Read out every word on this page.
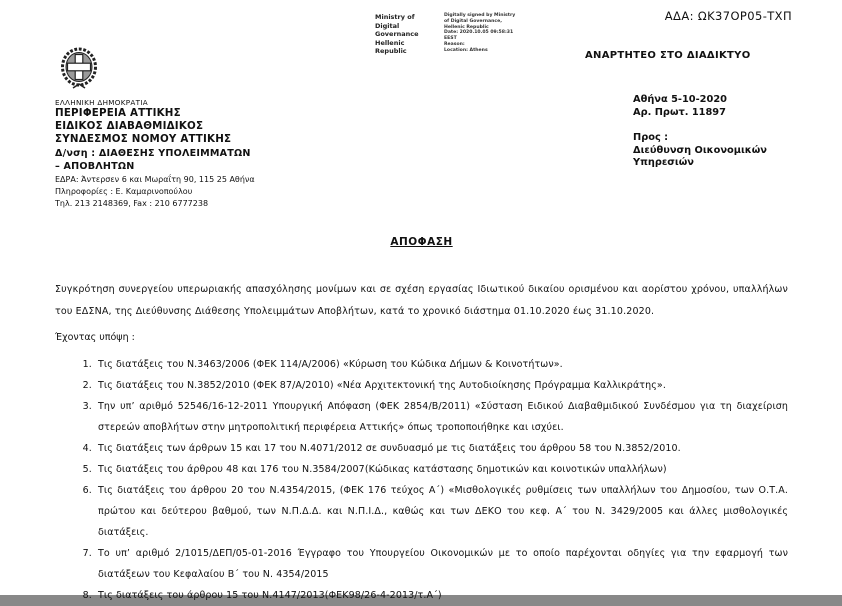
Ministry of Digital
Governance
Hellenic Republic
Digitally signed by Ministry
of Digital Governance,
Hellenic Republic
Date: 2020.10.05 09:58:31
EEST
Reason:
Location: Athens
ΑΔΑ: ΩΚ37ΟΡ05-ΤΧΠ
ΑΝΑΡΤΗΤΕΟ ΣΤΟ ΔΙΑΔΙΚΤΥΟ
ΕΛΛΗΝΙΚΗ ΔΗΜΟΚΡΑΤΙΑ
ΠΕΡΙΦΕΡΕΙΑ ΑΤΤΙΚΗΣ
ΕΙΔΙΚΟΣ ΔΙΑΒΑΘΜΙΔΙΚΟΣ
ΣΥΝΔΕΣΜΟΣ ΝΟΜΟΥ ΑΤΤΙΚΗΣ
Δ/νση : ΔΙΑΘΕΣΗΣ ΥΠΟΛΕΙΜΜΑΤΩΝ
– ΑΠΟΒΛΗΤΩΝ
ΕΔΡΑ: Άντερσεν 6 και Μωραΐτη 90, 115 25 Αθήνα
Πληροφορίες : Ε. Καμαρινοπούλου
Τηλ. 213 2148369, Fax : 210 6777238
Αθήνα 5-10-2020
Αρ. Πρωτ. 11897
Προς :
Διεύθυνση Οικονομικών
Υπηρεσιών
ΑΠΟΦΑΣΗ
Συγκρότηση συνεργείου υπερωριακής απασχόλησης μονίμων και σε σχέση εργασίας Ιδιωτικού δικαίου ορισμένου και αορίστου χρόνου, υπαλλήλων του ΕΔΣΝΑ, της Διεύθυνσης Διάθεσης Υπολειμμάτων Αποβλήτων, κατά το χρονικό διάστημα 01.10.2020 έως 31.10.2020.
Έχοντας υπόψη :
1. Τις διατάξεις του Ν.3463/2006 (ΦΕΚ 114/Α/2006) «Κύρωση του Κώδικα Δήμων & Κοινοτήτων».
2. Τις διατάξεις του Ν.3852/2010 (ΦΕΚ 87/Α/2010) «Νέα Αρχιτεκτονική της Αυτοδιοίκησης Πρόγραμμα Καλλικράτης».
3. Την υπ’ αριθμό 52546/16-12-2011 Υπουργική Απόφαση (ΦΕΚ 2854/Β/2011) «Σύσταση Ειδικού Διαβαθμιδικού Συνδέσμου για τη διαχείριση στερεών αποβλήτων στην μητροπολιτική περιφέρεια Αττικής» όπως τροποποιήθηκε και ισχύει.
4. Τις διατάξεις των άρθρων 15 και 17 του Ν.4071/2012 σε συνδυασμό με τις διατάξεις του άρθρου 58 του Ν.3852/2010.
5. Τις διατάξεις του άρθρου 48 και 176 του Ν.3584/2007(Κώδικας κατάστασης δημοτικών και κοινοτικών υπαλλήλων)
6. Τις διατάξεις του άρθρου 20 του Ν.4354/2015, (ΦΕΚ 176 τεύχος Α΄) «Μισθολογικές ρυθμίσεις των υπαλλήλων του Δημοσίου, των Ο.Τ.Α. πρώτου και δεύτερου βαθμού, των Ν.Π.Δ.Δ. και Ν.Π.Ι.Δ., καθώς και των ΔΕΚΟ του κεφ. Α΄ του Ν. 3429/2005 και άλλες μισθολογικές διατάξεις.
7. Το υπ’ αριθμό 2/1015/ΔΕΠ/05-01-2016 Έγγραφο του Υπουργείου Οικονομικών με το οποίο παρέχονται οδηγίες για την εφαρμογή των διατάξεων του Κεφαλαίου Β΄ του Ν. 4354/2015
8. Τις διατάξεις του άρθρου 15 του Ν.4147/2013(ΦΕΚ98/26-4-2013/τ.Α΄)
